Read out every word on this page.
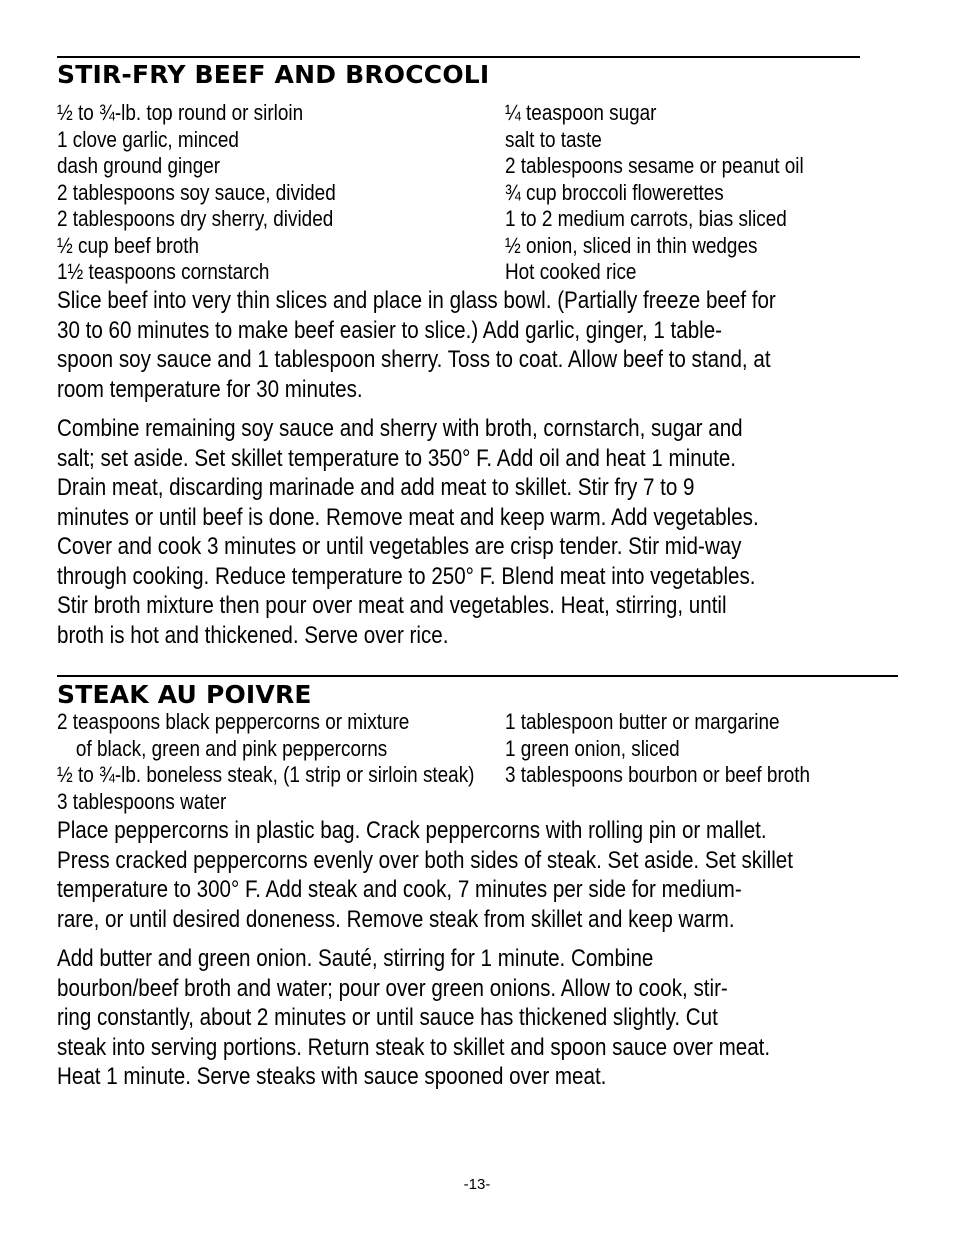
STIR-FRY BEEF AND BROCCOLI
½ to ¾-lb. top round or sirloin
1 clove garlic, minced
dash ground ginger
2 tablespoons soy sauce, divided
2 tablespoons dry sherry, divided
½ cup beef broth
1½ teaspoons cornstarch
¼ teaspoon sugar
salt to taste
2 tablespoons sesame or peanut oil
¾ cup broccoli flowerettes
1 to 2 medium carrots, bias sliced
½ onion, sliced in thin wedges
Hot cooked rice

Slice beef into very thin slices and place in glass bowl. (Partially freeze beef for
30 to 60 minutes to make beef easier to slice.) Add garlic, ginger, 1 table-
spoon soy sauce and 1 tablespoon sherry. Toss to coat. Allow beef to stand, at
room temperature for 30 minutes.

Combine remaining soy sauce and sherry with broth, cornstarch, sugar and
salt; set aside. Set skillet temperature to 350° F. Add oil and heat 1 minute.
Drain meat, discarding marinade and add meat to skillet. Stir fry 7 to 9
minutes or until beef is done. Remove meat and keep warm. Add vegetables.
Cover and cook 3 minutes or until vegetables are crisp tender. Stir mid-way
through cooking. Reduce temperature to 250° F. Blend meat into vegetables.
Stir broth mixture then pour over meat and vegetables. Heat, stirring, until
broth is hot and thickened. Serve over rice.

STEAK AU POIVRE
2 teaspoons black peppercorns or mixture
of black, green and pink peppercorns
½ to ¾-lb. boneless steak, (1 strip or sirloin steak)
3 tablespoons water
1 tablespoon butter or margarine
1 green onion, sliced
3 tablespoons bourbon or beef broth

Place peppercorns in plastic bag. Crack peppercorns with rolling pin or mallet.
Press cracked peppercorns evenly over both sides of steak. Set aside. Set skillet
temperature to 300° F. Add steak and cook, 7 minutes per side for medium-
rare, or until desired doneness. Remove steak from skillet and keep warm.

Add butter and green onion. Sauté, stirring for 1 minute. Combine
bourbon/beef broth and water; pour over green onions. Allow to cook, stir-
ring constantly, about 2 minutes or until sauce has thickened slightly. Cut
steak into serving portions. Return steak to skillet and spoon sauce over meat.
Heat 1 minute. Serve steaks with sauce spooned over meat.

-13-
